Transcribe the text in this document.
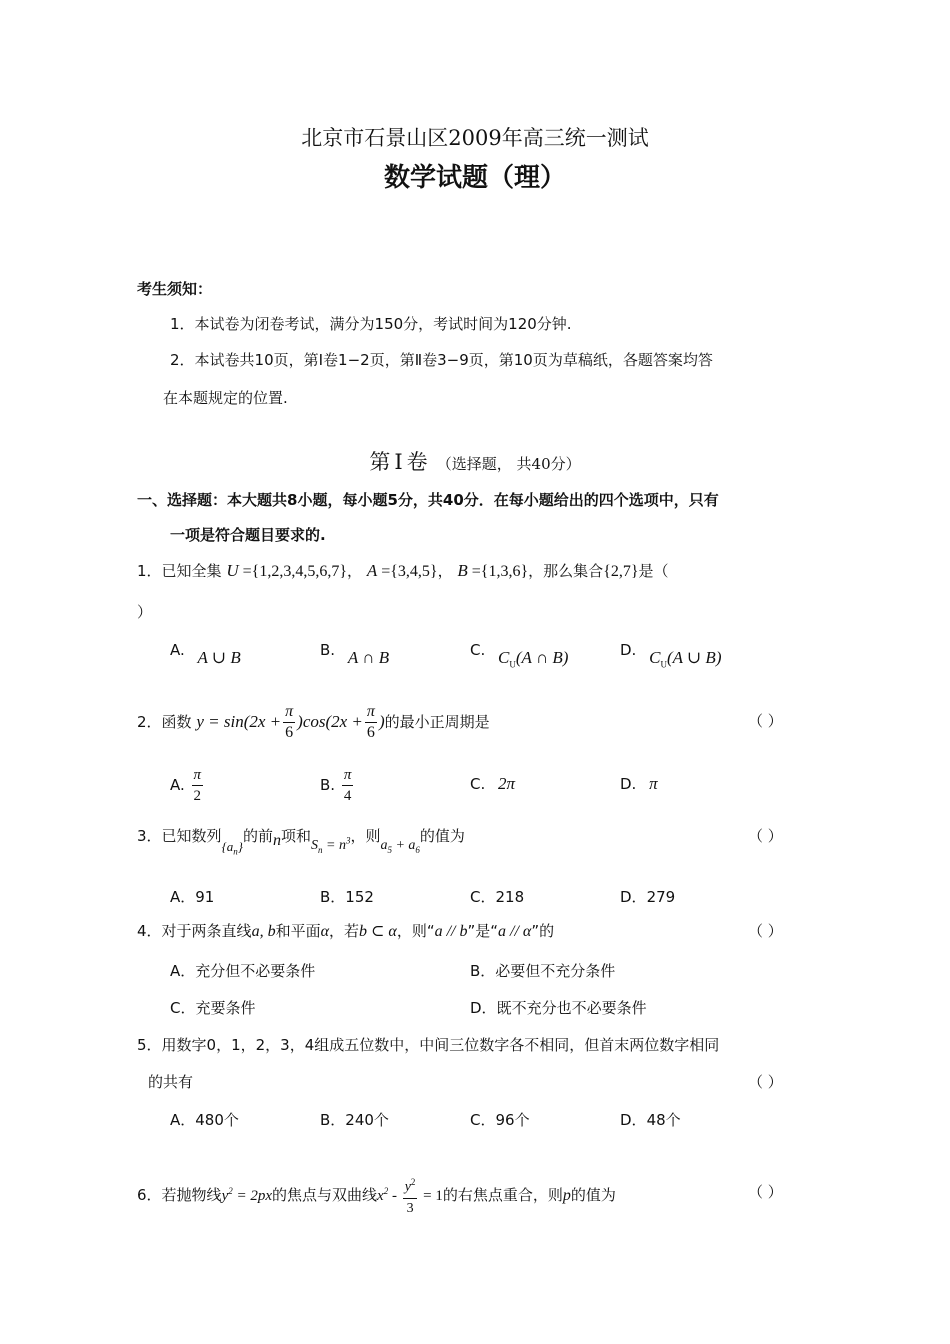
北京市石景山区2009年高三统一测试
数学试题（理）
考生须知：
1．本试卷为闭卷考试，满分为150分，考试时间为120分钟.
2．本试卷共10页，第Ⅰ卷1−2页，第Ⅱ卷3−9页，第10页为草稿纸，各题答案均答
在本题规定的位置.
第Ⅰ卷 （选择题， 共40分）
一、选择题：本大题共8小题，每小题5分，共40分．在每小题给出的四个选项中，只有
一项是符合题目要求的.
1．已知全集 U ={1,2,3,4,5,6,7}， A ={3,4,5}， B ={1,3,6}，那么集合{2,7}是（
）
A. A ∪ B	B. A ∩ B	C. $C_U(A$ ∩ B)	D. $C_U(A$ ∪ B)
2．函数 $y = \sin(2x + \frac{\pi}{6} )\cos(2x + \frac{\pi}{6}$ )的最小正周期是	（ ）
A. $\frac{\pi}{2}$	B. $\frac{\pi}{4}$	C. 2π	D. π
3．已知数列$\{a_n\}$的前n项和$S_n = n^3$，则$a_5 + a_6$的值为	（ ）
A．91	B．152	C．218	D．279
4．对于两条直线a, b和平面α，若b ⊂ α，则“a // b”是“a // α”的	（ ）
A．充分但不必要条件	B．必要但不充分条件
C．充要条件	D．既不充分也不必要条件
5．用数字0，1，2，3，4组成五位数中，中间三位数字各不相同，但首末两位数字相同
的共有	（ ）
A．480个	B．240个	C．96个	D．48个
6．若抛物线$y^2 = 2px$的焦点与双曲线$x^2 - \frac{y^2}{3} = 1$的右焦点重合，则p的值为	（ ）
